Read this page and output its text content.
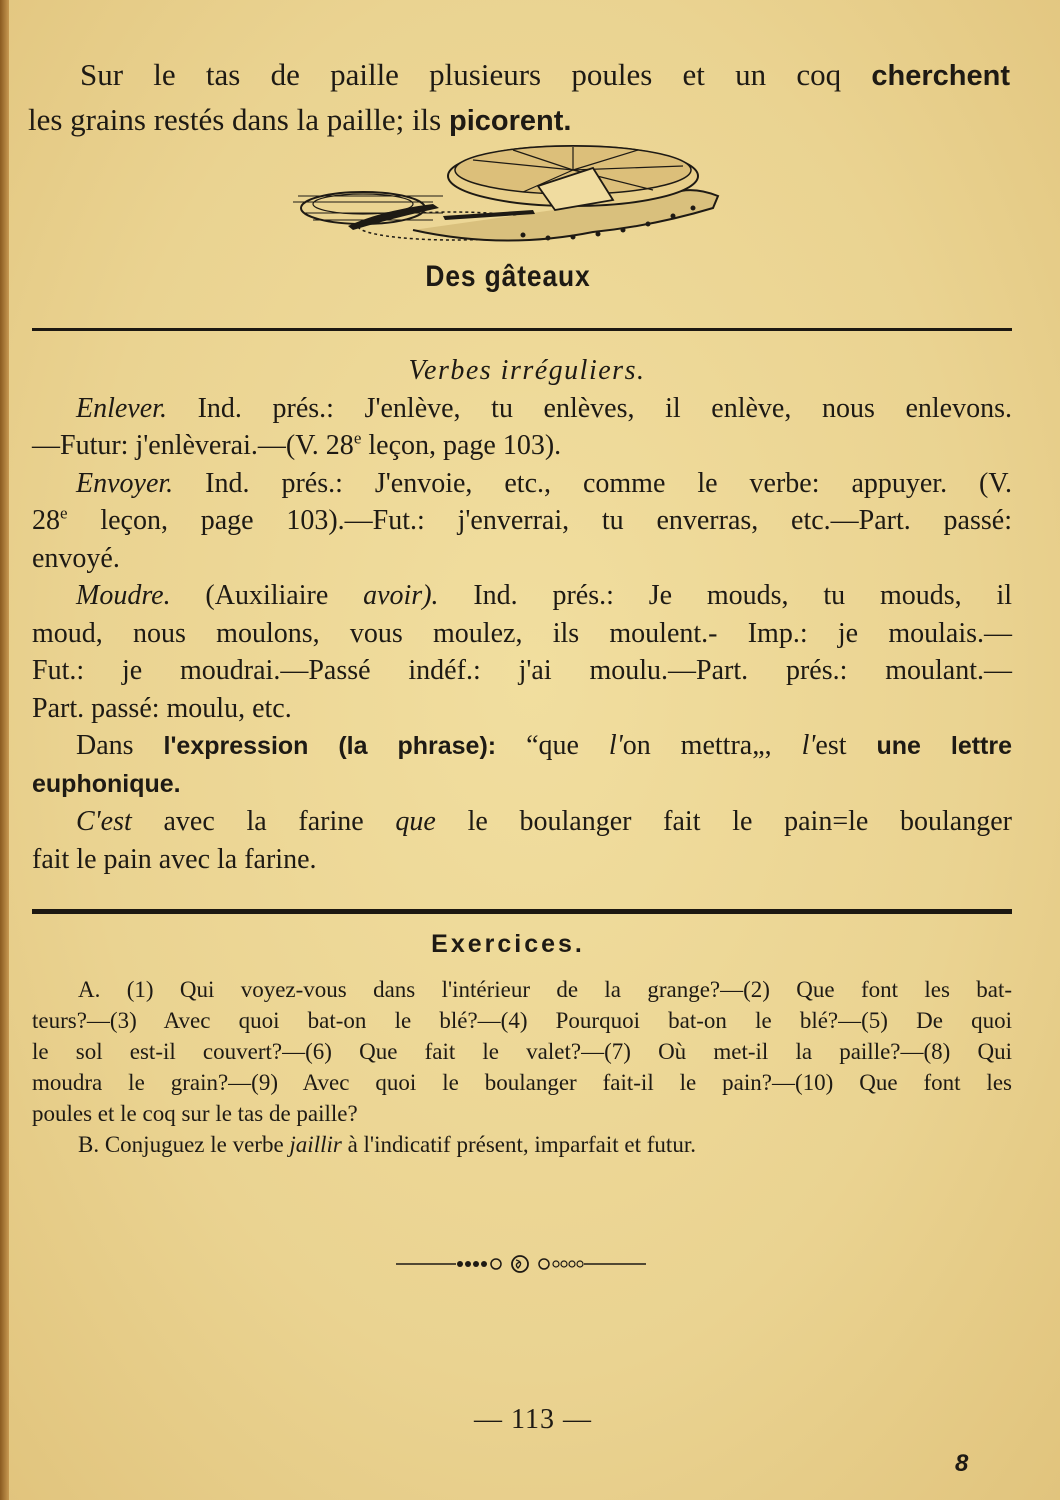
Sur le tas de paille plusieurs poules et un coq cherchent
les grains restés dans la paille; ils picorent.

Des gâteaux

Verbes irréguliers.

Enlever. Ind. prés.: J'enlève, tu enlèves, il enlève, nous enlevons.
—Futur: j'enlèverai.—(V. 28e leçon, page 103).

Envoyer. Ind. prés.: J'envoie, etc., comme le verbe: appuyer. (V.
28e leçon, page 103).—Fut.: j'enverrai, tu enverras, etc.—Part. passé:
envoyé.

Moudre. (Auxiliaire avoir). Ind. prés.: Je mouds, tu mouds, il
moud, nous moulons, vous moulez, ils moulent.- Imp.: je moulais.—
Fut.: je moudrai.—Passé indéf.: j'ai moulu.—Part. prés.: moulant.—
Part. passé: moulu, etc.

Dans l'expression (la phrase): “que l'on mettra„, l'est une lettre
euphonique.

C'est avec la farine que le boulanger fait le pain=le boulanger
fait le pain avec la farine.

Exercices.
A. (1) Qui voyez-vous dans l'intérieur de la grange?—(2) Que font les bat-
teurs?—(3) Avec quoi bat-on le blé?—(4) Pourquoi bat-on le blé?—(5) De quoi
le sol est-il couvert?—(6) Que fait le valet?—(7) Où met-il la paille?—(8) Qui
moudra le grain?—(9) Avec quoi le boulanger fait-il le pain?—(10) Que font les
poules et le coq sur le tas de paille?
B. Conjuguez le verbe jaillir à l'indicatif présent, imparfait et futur.
— 113 —
8
